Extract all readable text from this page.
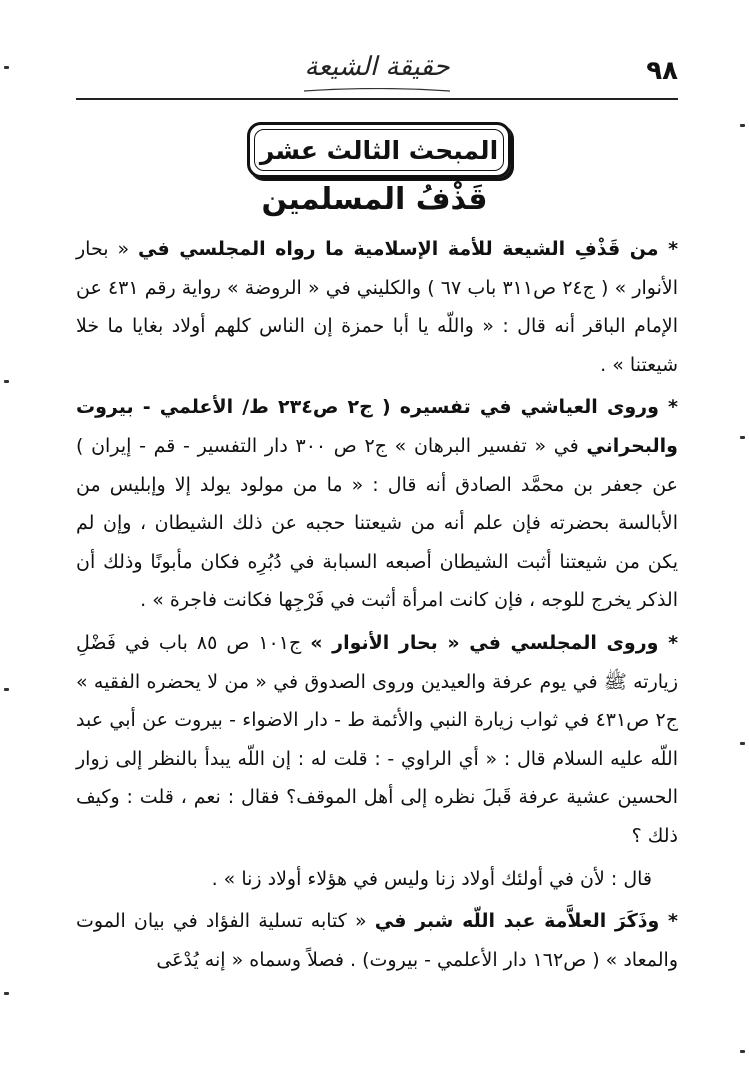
٩٨
حقيقة الشيعة
المبحث الثالث عشر
قَذْفُ المسلمين

* من قَذْفِ الشيعة للأمة الإسلامية ما رواه المجلسي في « بحار الأنوار » ( ج٢٤ ص٣١١ باب ٦٧ ) والكليني في « الروضة » رواية رقم ٤٣١ عن الإمام الباقر أنه قال : « واللّه يا أبا حمزة إن الناس كلهم أولاد بغايا ما خلا شيعتنا » .

* وروى العياشي في تفسيره ( ج٢ ص٢٣٤ ط/ الأعلمي - بيروت والبحراني في « تفسير البرهان » ج٢ ص ٣٠٠ دار التفسير - قم - إيران ) عن جعفر بن محمَّد الصادق أنه قال : « ما من مولود يولد إلا وإبليس من الأبالسة بحضرته فإن علم أنه من شيعتنا حجبه عن ذلك الشيطان ، وإن لم يكن من شيعتنا أثبت الشيطان أصبعه السبابة في دُبُرِه فكان مأبونًا وذلك أن الذكر يخرج للوجه ، فإن كانت امرأة أثبت في فَرْجِها فكانت فاجرة » .

* وروى المجلسي في « بحار الأنوار » ج١٠١ ص ٨٥ باب في فَضْلِ زيارته ﷺ في يوم عرفة والعيدين وروى الصدوق في « من لا يحضره الفقيه » ج٢ ص٤٣١ في ثواب زيارة النبي والأئمة ط - دار الاضواء - بيروت عن أبي عبد اللّه عليه السلام قال : « أي الراوي - : قلت له : إن اللّه يبدأ بالنظر إلى زوار الحسين عشية عرفة قَبلَ نظره إلى أهل الموقف؟ فقال : نعم ، قلت : وكيف ذلك ؟

قال : لأن في أولئك أولاد زنا وليس في هؤلاء أولاد زنا » .

* وذَكَرَ العلاَّمة عبد اللّه شبر في « كتابه تسلية الفؤاد في بيان الموت والمعاد » ( ص١٦٢ دار الأعلمي - بيروت) . فصلاً وسماه « إنه يُدْعَى
